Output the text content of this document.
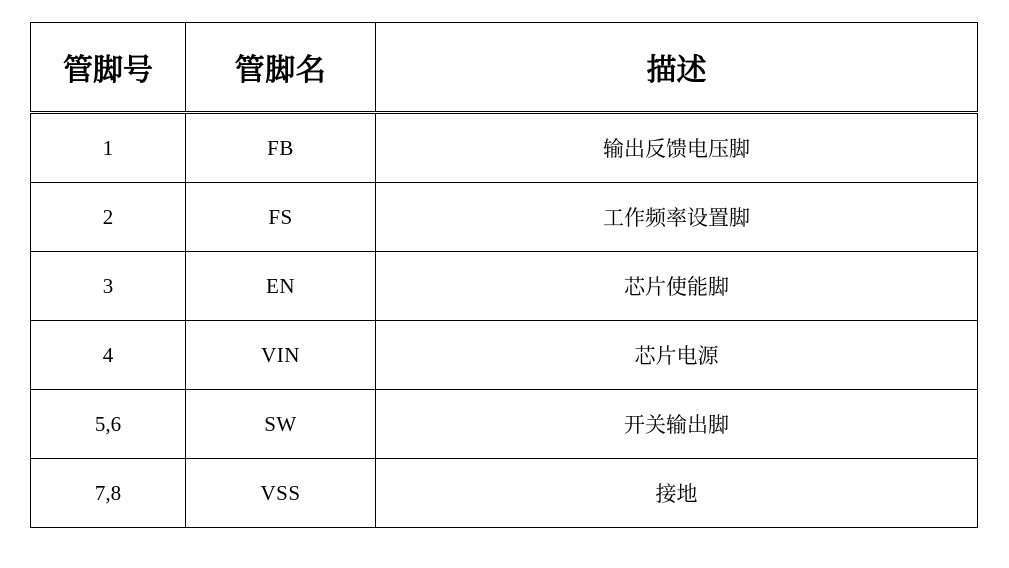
管脚号	管脚名	描述
1	FB	输出反馈电压脚
2	FS	工作频率设置脚
3	EN	芯片使能脚
4	VIN	芯片电源
5,6	SW	开关输出脚
7,8	VSS	接地
